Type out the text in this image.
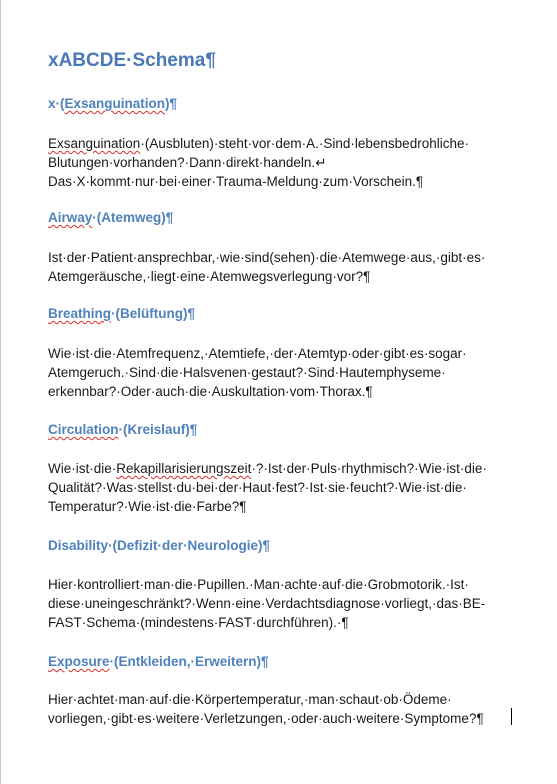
xABCDE·Schema¶
x·(Exsanguination)¶

Exsanguination·(Ausbluten)·steht·vor·dem·A.·Sind·lebensbedrohliche·
Blutungen·vorhanden?·Dann·direkt·handeln.↵
Das·X·kommt·nur·bei·einer·Trauma-Meldung·zum·Vorschein.¶

Airway·(Atemweg)¶

Ist·der·Patient·ansprechbar,·wie·sind(sehen)·die·Atemwege·aus,·gibt·es·
Atemgeräusche,·liegt·eine·Atemwegsverlegung·vor?¶

Breathing·(Belüftung)¶

Wie·ist·die·Atemfrequenz,·Atemtiefe,·der·Atemtyp·oder·gibt·es·sogar·
Atemgeruch.·Sind·die·Halsvenen·gestaut?·Sind·Hautemphyseme·
erkennbar?·Oder·auch·die·Auskultation·vom·Thorax.¶

Circulation·(Kreislauf)¶

Wie·ist·die·Rekapillarisierungszeit·?·Ist·der·Puls·rhythmisch?·Wie·ist·die·
Qualität?·Was·stellst·du·bei·der·Haut·fest?·Ist·sie·feucht?·Wie·ist·die·
Temperatur?·Wie·ist·die·Farbe?¶

Disability·(Defizit·der·Neurologie)¶

Hier·kontrolliert·man·die·Pupillen.·Man·achte·auf·die·Grobmotorik.·Ist·
diese·uneingeschränkt?·Wenn·eine·Verdachtsdiagnose·vorliegt,·das·BE-
FAST·Schema·(mindestens·FAST·durchführen).·¶

Exposure·(Entkleiden,·Erweitern)¶

Hier·achtet·man·auf·die·Körpertemperatur,·man·schaut·ob·Ödeme·
vorliegen,·gibt·es·weitere·Verletzungen,·oder·auch·weitere·Symptome?¶
